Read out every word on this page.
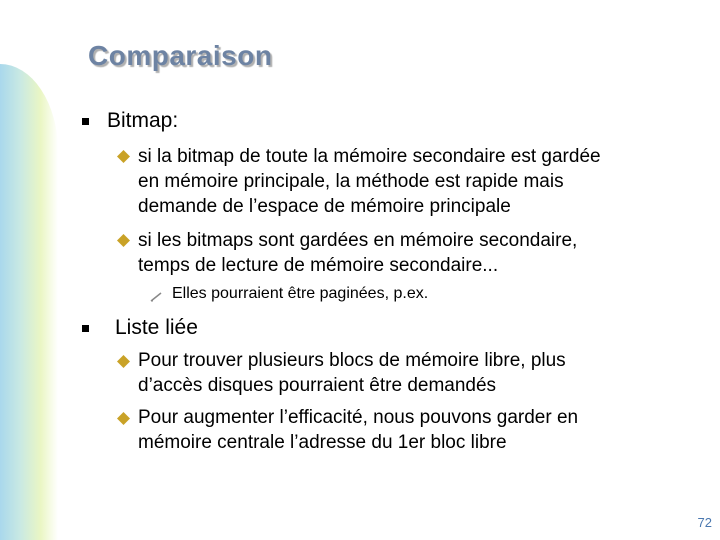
Comparaison
Bitmap:
si la bitmap de toute la mémoire secondaire est gardée
en mémoire principale, la méthode est rapide mais
demande de l’espace de mémoire principale
si les bitmaps sont gardées en mémoire secondaire,
temps de lecture de mémoire secondaire...
Elles pourraient être paginées, p.ex.
Liste liée
Pour trouver plusieurs blocs de mémoire libre, plus
d’accès disques pourraient être demandés
Pour augmenter l’efficacité, nous pouvons garder en
mémoire centrale l’adresse du 1er bloc libre
72
